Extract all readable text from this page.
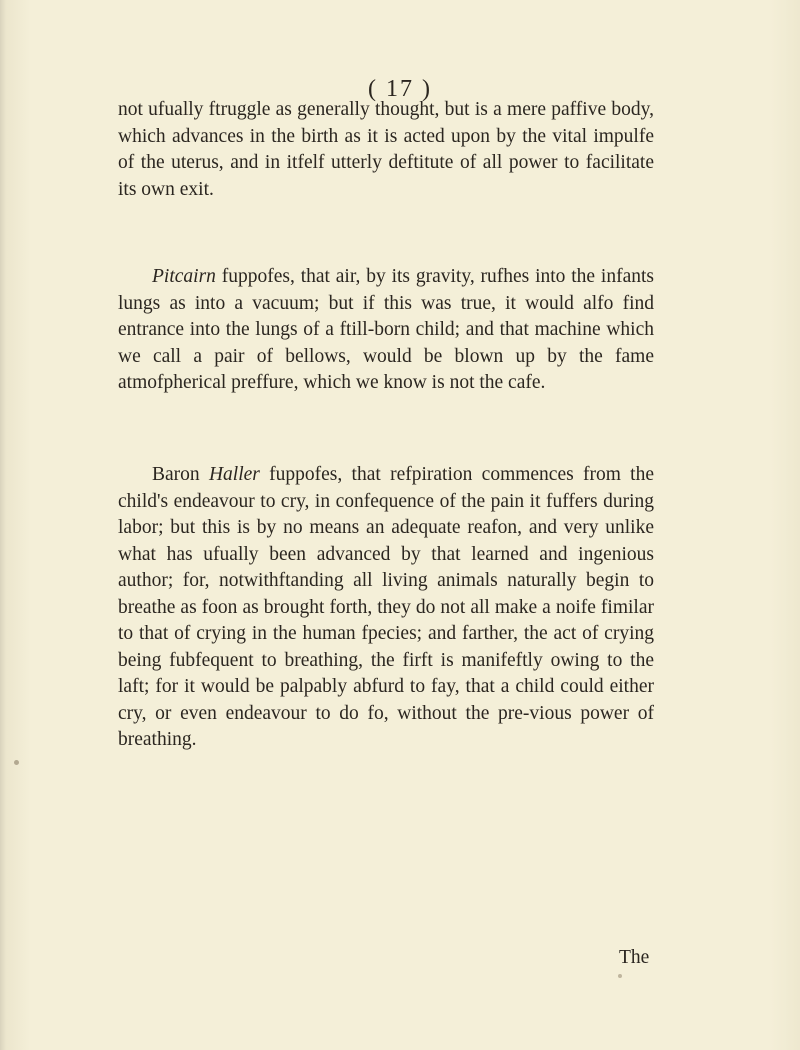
( 17 )
not ufually ftruggle as generally thought, but is a mere paffive body, which advances in the birth as it is acted upon by the vital impulfe of the uterus, and in itfelf utterly deftitute of all power to facilitate its own exit.
Pitcairn fuppofes, that air, by its gravity, rufhes into the infants lungs as into a vacuum; but if this was true, it would alfo find entrance into the lungs of a ftill-born child; and that machine which we call a pair of bellows, would be blown up by the fame atmofpherical preffure, which we know is not the cafe.
Baron Haller fuppofes, that refpiration commences from the child's endeavour to cry, in confequence of the pain it fuffers during labor; but this is by no means an adequate reafon, and very unlike what has ufually been advanced by that learned and ingenious author; for, notwithftanding all living animals naturally begin to breathe as foon as brought forth, they do not all make a noife fimilar to that of crying in the human fpecies; and farther, the act of crying being fubfequent to breathing, the firft is manifeftly owing to the laft; for it would be palpably abfurd to fay, that a child could either cry, or even endeavour to do fo, without the pre-vious power of breathing.
The
